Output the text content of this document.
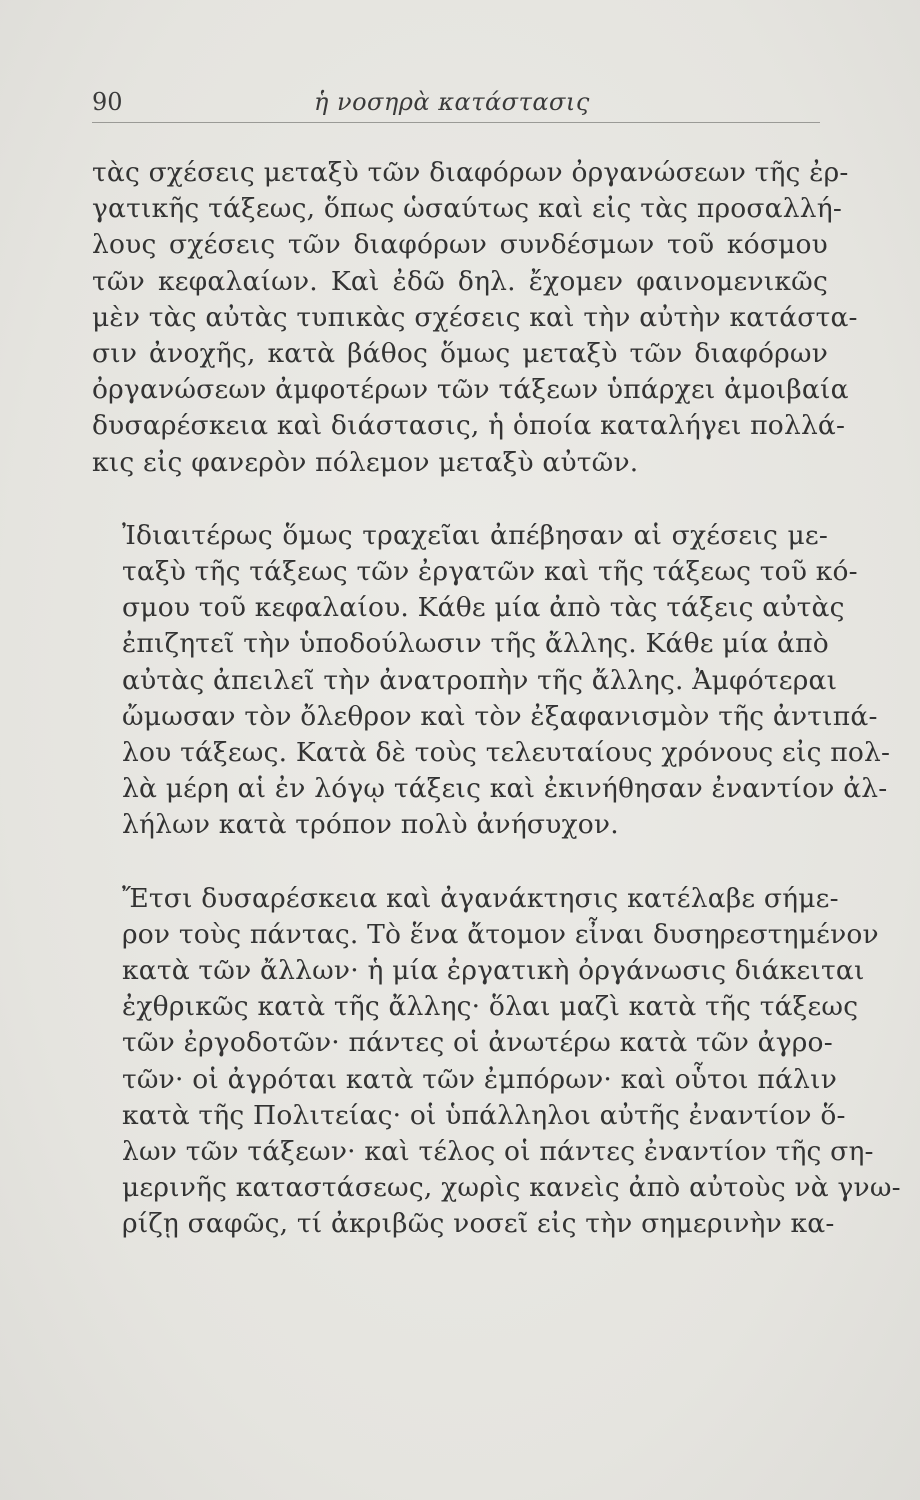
90	ἡ νοσηρὰ κατάστασις

τὰς σχέσεις μεταξὺ τῶν διαφόρων ὀργανώσεων τῆς ἐρ-
γατικῆς τάξεως, ὅπως ὡσαύτως καὶ εἰς τὰς προσαλλή-
λους σχέσεις τῶν διαφόρων συνδέσμων τοῦ κόσμου
τῶν κεφαλαίων. Καὶ ἐδῶ δηλ. ἔχομεν φαινομενικῶς
μὲν τὰς αὐτὰς τυπικὰς σχέσεις καὶ τὴν αὐτὴν κατάστα-
σιν ἀνοχῆς, κατὰ βάθος ὅμως μεταξὺ τῶν διαφόρων
ὀργανώσεων ἀμφοτέρων τῶν τάξεων ὑπάρχει ἀμοιβαία
δυσαρέσκεια καὶ διάστασις, ἡ ὁποία καταλήγει πολλά-
κις εἰς φανερὸν πόλεμον μεταξὺ αὐτῶν.

Ἰδιαιτέρως ὅμως τραχεῖαι ἀπέβησαν αἱ σχέσεις με-
ταξὺ τῆς τάξεως τῶν ἐργατῶν καὶ τῆς τάξεως τοῦ κό-
σμου τοῦ κεφαλαίου. Κάθε μία ἀπὸ τὰς τάξεις αὐτὰς
ἐπιζητεῖ τὴν ὑποδούλωσιν τῆς ἄλλης. Κάθε μία ἀπὸ
αὐτὰς ἀπειλεῖ τὴν ἀνατροπὴν τῆς ἄλλης. Ἀμφότεραι
ὤμωσαν τὸν ὄλεθρον καὶ τὸν ἐξαφανισμὸν τῆς ἀντιπά-
λου τάξεως. Κατὰ δὲ τοὺς τελευταίους χρόνους εἰς πολ-
λὰ μέρη αἱ ἐν λόγῳ τάξεις καὶ ἐκινήθησαν ἐναντίον ἀλ-
λήλων κατὰ τρόπον πολὺ ἀνήσυχον.

Ἔτσι δυσαρέσκεια καὶ ἀγανάκτησις κατέλαβε σήμε-
ρον τοὺς πάντας. Τὸ ἕνα ἄτομον εἶναι δυσηρεστημένον
κατὰ τῶν ἄλλων· ἡ μία ἐργατικὴ ὀργάνωσις διάκειται
ἐχθρικῶς κατὰ τῆς ἄλλης· ὅλαι μαζὶ κατὰ τῆς τάξεως
τῶν ἐργοδοτῶν· πάντες οἱ ἀνωτέρω κατὰ τῶν ἀγρο-
τῶν· οἱ ἀγρόται κατὰ τῶν ἐμπόρων· καὶ οὗτοι πάλιν
κατὰ τῆς Πολιτείας· οἱ ὑπάλληλοι αὐτῆς ἐναντίον ὅ-
λων τῶν τάξεων· καὶ τέλος οἱ πάντες ἐναντίον τῆς ση-
μερινῆς καταστάσεως, χωρὶς κανεὶς ἀπὸ αὐτοὺς νὰ γνω-
ρίζῃ σαφῶς, τί ἀκριβῶς νοσεῖ εἰς τὴν σημερινὴν κα-
